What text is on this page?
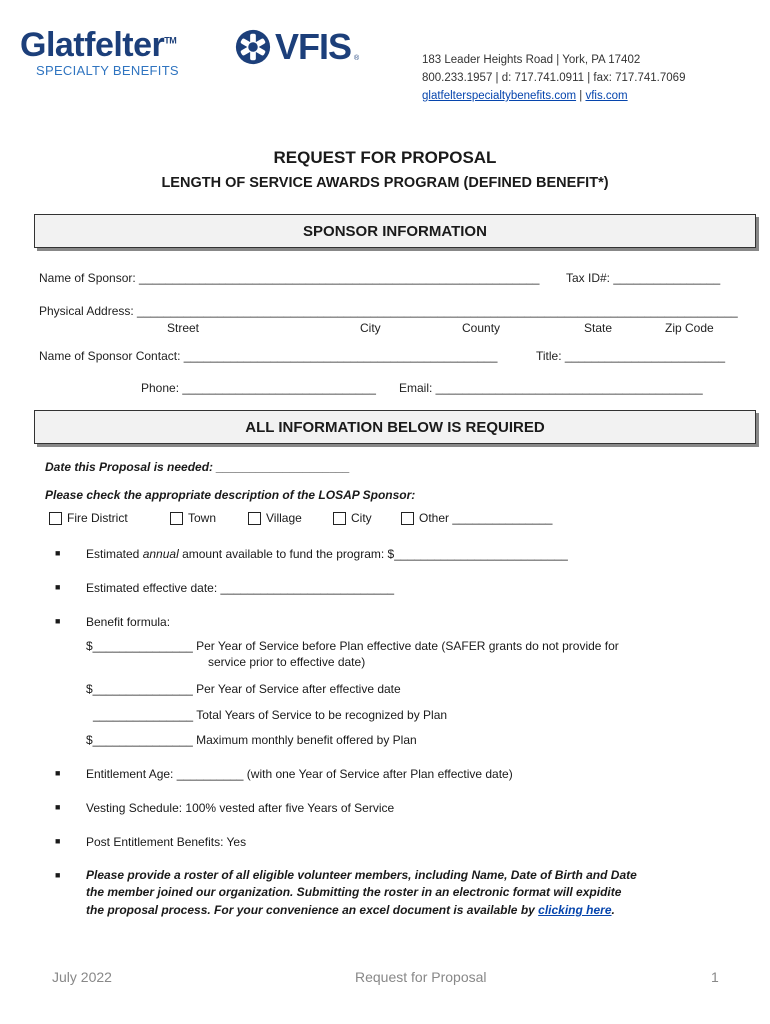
Glatfelter™
SPECIALTY BENEFITS
VFIS ®	183 Leader Heights Road | York, PA 17402
800.233.1957 | d: 717.741.0911 | fax: 717.741.7069
glatfelterspecialtybenefits.com | vfis.com
REQUEST FOR PROPOSAL
LENGTH OF SERVICE AWARDS PROGRAM (DEFINED BENEFIT*)
SPONSOR INFORMATION
Name of Sponsor: ____________________________________________________________ Tax ID#: ________________
Physical Address: __________________________________________________________________________________________
Street	City	County	State	Zip Code
Name of Sponsor Contact: _______________________________________________	Title: ________________________
Phone: _____________________________ Email: ________________________________________
ALL INFORMATION BELOW IS REQUIRED
Date this Proposal is needed: ____________________
Please check the appropriate description of the LOSAP Sponsor:
Fire District	Town	Village	City	Other _______________
■ Estimated annual amount available to fund the program: $__________________________
■ Estimated effective date: __________________________
■ Benefit formula:
$_______________ Per Year of Service before Plan effective date (SAFER grants do not provide for
service prior to effective date)
$_______________ Per Year of Service after effective date
_______________ Total Years of Service to be recognized by Plan
$_______________ Maximum monthly benefit offered by Plan
■ Entitlement Age: __________ (with one Year of Service after Plan effective date)
■ Vesting Schedule: 100% vested after five Years of Service
■ Post Entitlement Benefits: Yes
■ Please provide a roster of all eligible volunteer members, including Name, Date of Birth and Date
the member joined our organization. Submitting the roster in an electronic format will expidite
the proposal process. For your convenience an excel document is available by clicking here.
July 2022	Request for Proposal	1
